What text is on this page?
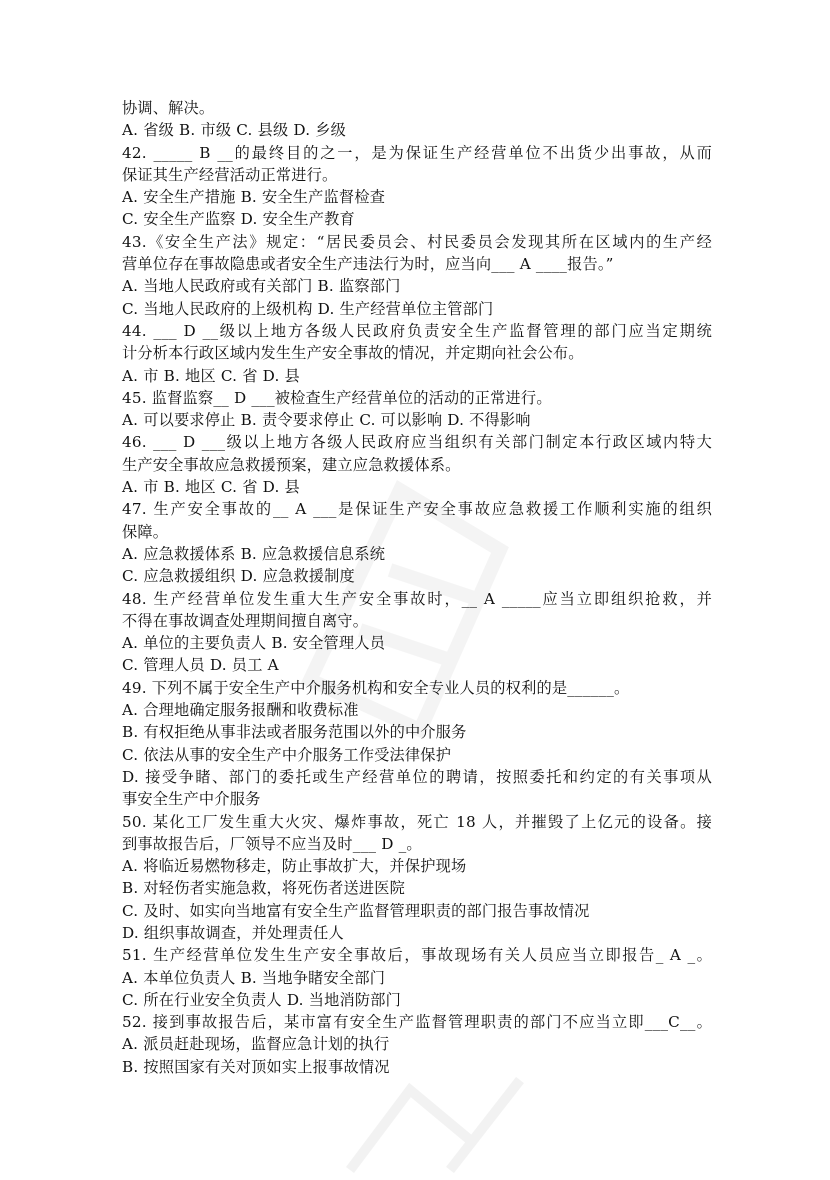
协调、解决。
A. 省级 B. 市级 C. 县级 D. 乡级
42. _____ B __的最终目的之一，是为保证生产经营单位不出货少出事故，从而
保证其生产经营活动正常进行。
A. 安全生产措施 B. 安全生产监督检查
C. 安全生产监察 D. 安全生产教育
43.《安全生产法》规定：“居民委员会、村民委员会发现其所在区域内的生产经
营单位存在事故隐患或者安全生产违法行为时，应当向___ A ____报告。”
A. 当地人民政府或有关部门 B. 监察部门
C. 当地人民政府的上级机构 D. 生产经营单位主管部门
44. ___ D __级以上地方各级人民政府负责安全生产监督管理的部门应当定期统
计分析本行政区域内发生生产安全事故的情况，并定期向社会公布。
A. 市 B. 地区 C. 省 D. 县
45. 监督监察__ D ___被检查生产经营单位的活动的正常进行。
A. 可以要求停止 B. 责令要求停止 C. 可以影响 D. 不得影响
46. ___ D ___级以上地方各级人民政府应当组织有关部门制定本行政区域内特大
生产安全事故应急救援预案，建立应急救援体系。
A. 市 B. 地区 C. 省 D. 县
47. 生产安全事故的__ A ___是保证生产安全事故应急救援工作顺利实施的组织
保障。
A. 应急救援体系 B. 应急救援信息系统
C. 应急救援组织 D. 应急救援制度
48. 生产经营单位发生重大生产安全事故时，__ A _____应当立即组织抢救，并
不得在事故调查处理期间擅自离守。
A. 单位的主要负责人 B. 安全管理人员
C. 管理人员 D. 员工 A
49. 下列不属于安全生产中介服务机构和安全专业人员的权利的是______。
A. 合理地确定服务报酬和收费标准
B. 有权拒绝从事非法或者服务范围以外的中介服务
C. 依法从事的安全生产中介服务工作受法律保护
D. 接受争睹、部门的委托或生产经营单位的聘请，按照委托和约定的有关事项从
事安全生产中介服务
50. 某化工厂发生重大火灾、爆炸事故，死亡 18 人，并摧毁了上亿元的设备。接
到事故报告后，厂领导不应当及时___ D _。
A. 将临近易燃物移走，防止事故扩大，并保护现场
B. 对轻伤者实施急救，将死伤者送进医院
C. 及时、如实向当地富有安全生产监督管理职责的部门报告事故情况
D. 组织事故调查，并处理责任人
51. 生产经营单位发生生产安全事故后，事故现场有关人员应当立即报告_ A _。
A. 本单位负责人 B. 当地争睹安全部门
C. 所在行业安全负责人 D. 当地消防部门
52. 接到事故报告后，某市富有安全生产监督管理职责的部门不应当立即___C__。
A. 派员赶赴现场，监督应急计划的执行
B. 按照国家有关对顶如实上报事故情况
